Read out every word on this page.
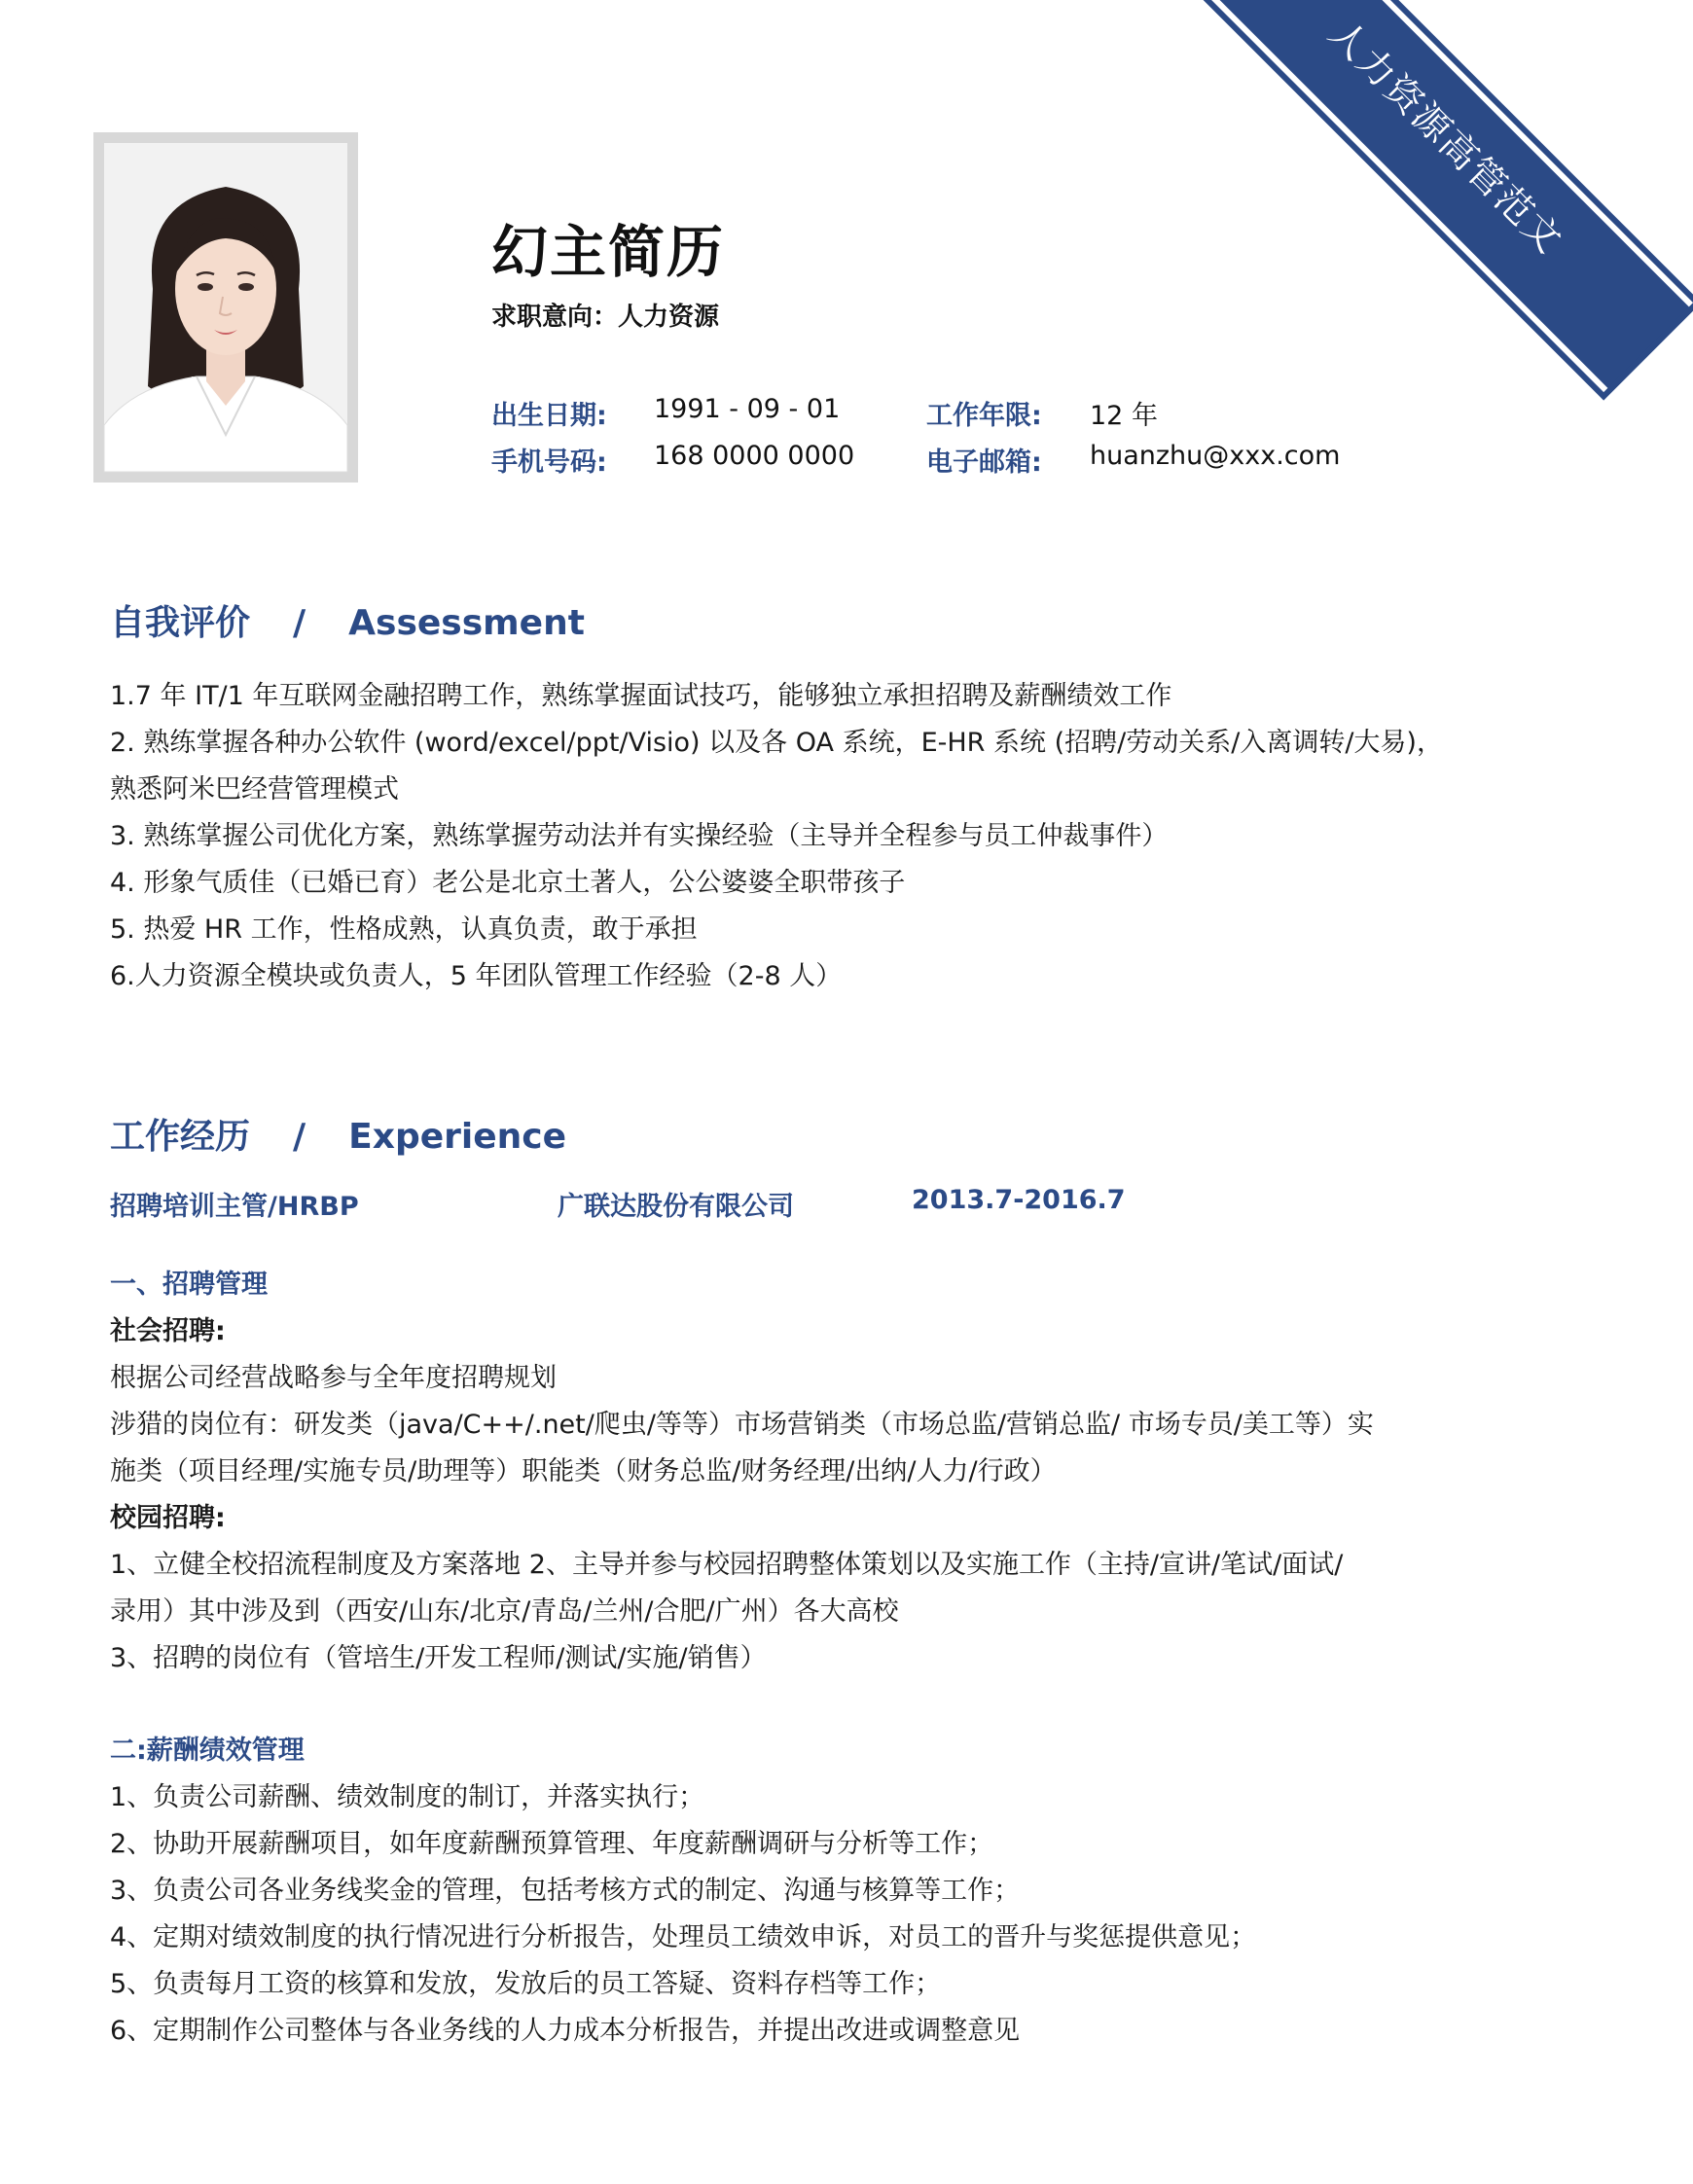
人力资源高管范文
幻主简历
求职意向：人力资源
出生日期: 1991 - 09 - 01	工作年限: 12 年
手机号码: 168 0000 0000	电子邮箱: huanzhu@xxx.com
自我评价 / Assessment
1.7 年 IT/1 年互联网金融招聘工作，熟练掌握面试技巧，能够独立承担招聘及薪酬绩效工作
2. 熟练掌握各种办公软件 (word/excel/ppt/Visio) 以及各 OA 系统，E-HR 系统 (招聘/劳动关系/入离调转/大易)，
熟悉阿米巴经营管理模式
3. 熟练掌握公司优化方案，熟练掌握劳动法并有实操经验（主导并全程参与员工仲裁事件）
4. 形象气质佳（已婚已育）老公是北京土著人，公公婆婆全职带孩子
5. 热爱 HR 工作，性格成熟，认真负责，敢于承担
6.人力资源全模块或负责人，5 年团队管理工作经验（2-8 人）
工作经历 / Experience
招聘培训主管/HRBP	广联达股份有限公司	2013.7-2016.7
一、招聘管理
社会招聘:
根据公司经营战略参与全年度招聘规划
涉猎的岗位有：研发类（java/C++/.net/爬虫/等等）市场营销类（市场总监/营销总监/ 市场专员/美工等）实
施类（项目经理/实施专员/助理等）职能类（财务总监/财务经理/出纳/人力/行政）
校园招聘:
1、立健全校招流程制度及方案落地 2、主导并参与校园招聘整体策划以及实施工作（主持/宣讲/笔试/面试/
录用）其中涉及到（西安/山东/北京/青岛/兰州/合肥/广州）各大高校
3、招聘的岗位有（管培生/开发工程师/测试/实施/销售）
二:薪酬绩效管理
1、负责公司薪酬、绩效制度的制订，并落实执行；
2、协助开展薪酬项目，如年度薪酬预算管理、年度薪酬调研与分析等工作；
3、负责公司各业务线奖金的管理，包括考核方式的制定、沟通与核算等工作；
4、定期对绩效制度的执行情况进行分析报告，处理员工绩效申诉，对员工的晋升与奖惩提供意见；
5、负责每月工资的核算和发放，发放后的员工答疑、资料存档等工作；
6、定期制作公司整体与各业务线的人力成本分析报告，并提出改进或调整意见
